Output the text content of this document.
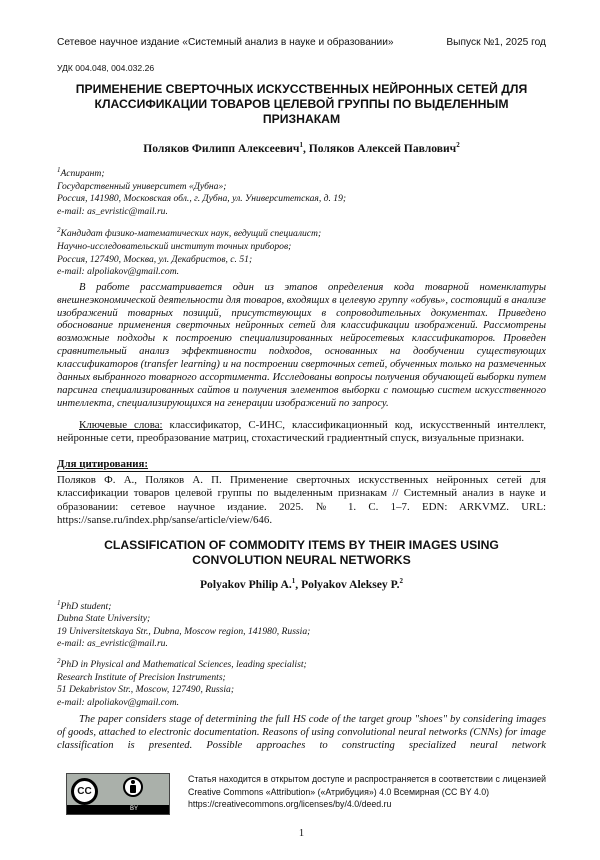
Сетевое научное издание «Системный анализ в науке и образовании»	Выпуск №1, 2025 год
УДК 004.048, 004.032.26
ПРИМЕНЕНИЕ СВЕРТОЧНЫХ ИСКУССТВЕННЫХ НЕЙРОННЫХ СЕТЕЙ ДЛЯ КЛАССИФИКАЦИИ ТОВАРОВ ЦЕЛЕВОЙ ГРУППЫ ПО ВЫДЕЛЕННЫМ ПРИЗНАКАМ
Поляков Филипп Алексеевич1, Поляков Алексей Павлович2
1Аспирант;
Государственный университет «Дубна»;
Россия, 141980, Московская обл., г. Дубна, ул. Университетская, д. 19;
e-mail: as_evristic@mail.ru.
2Кандидат физико-математических наук, ведущий специалист;
Научно-исследовательский институт точных приборов;
Россия, 127490, Москва, ул. Декабристов, с. 51;
e-mail: alpoliakov@gmail.com.
В работе рассматривается один из этапов определения кода товарной номенклатуры внешнеэкономической деятельности для товаров, входящих в целевую группу «обувь», состоящий в анализе изображений товарных позиций, присутствующих в сопроводительных документах. Приведено обоснование применения сверточных нейронных сетей для классификации изображений. Рассмотрены возможные подходы к построению специализированных нейросетевых классификаторов. Проведен сравнительный анализ эффективности подходов, основанных на дообучении существующих классификаторов (transfer learning) и на построении сверточных сетей, обученных только на размеченных данных выбранного товарного ассортимента. Исследованы вопросы получения обучающей выборки путем парсинга специализированных сайтов и получения элементов выборки с помощью систем искусственного интеллекта, специализирующихся на генерации изображений по запросу.
Ключевые слова: классификатор, С-ИНС, классификационный код, искусственный интеллект, нейронные сети, преобразование матриц, стохастический градиентный спуск, визуальные признаки.
Для цитирования:
Поляков Ф. А., Поляков А. П. Применение сверточных искусственных нейронных сетей для классификации товаров целевой группы по выделенным признакам // Системный анализ в науке и образовании: сетевое научное издание. 2025. № 1. С. 1–7. EDN: ARKVMZ. URL: https://sanse.ru/index.php/sanse/article/view/646.
CLASSIFICATION OF COMMODITY ITEMS BY THEIR IMAGES USING
CONVOLUTION NEURAL NETWORKS
Polyakov Philip A.1, Polyakov Aleksey P.2
1PhD student;
Dubna State University;
19 Universitetskaya Str., Dubna, Moscow region, 141980, Russia;
e-mail: as_evristic@mail.ru.
2PhD in Physical and Mathematical Sciences, leading specialist;
Research Institute of Precision Instruments;
51 Dekabristov Str., Moscow, 127490, Russia;
e-mail: alpoliakov@gmail.com.
The paper considers stage of determining the full HS code of the target group "shoes" by considering images of goods, attached to electronic documentation. Reasons of using convolutional neural networks (CNNs) for image classification is presented. Possible approaches to constructing specialized neural network
CC
BY
Статья находится в открытом доступе и распространяется в соответствии с лицензией Creative Commons «Attribution» («Атрибуция») 4.0 Всемирная (CC BY 4.0)
https://creativecommons.org/licenses/by/4.0/deed.ru
1
